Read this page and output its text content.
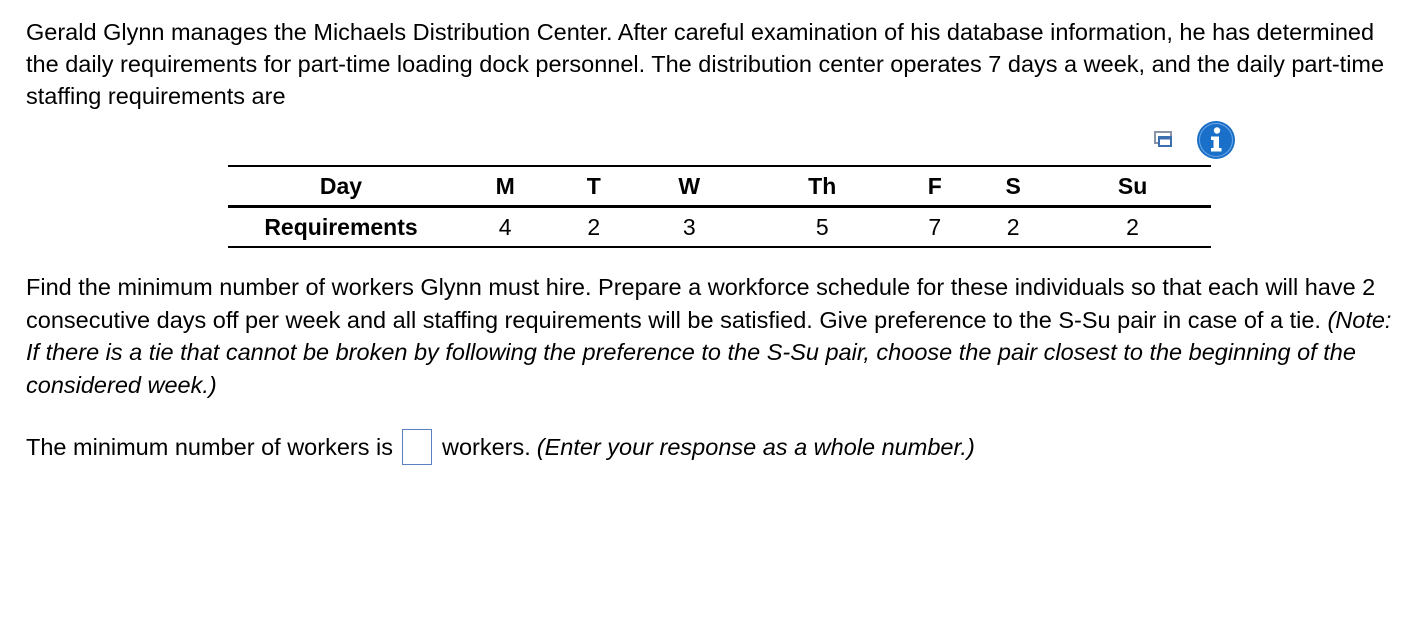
Gerald Glynn manages the Michaels Distribution Center. After careful examination of his database information, he has determined the daily requirements for part-time loading dock personnel. The distribution center operates 7 days a week, and the daily part-time staffing requirements are

Day	M	T	W	Th	F	S	Su
Requirements	4	2	3	5	7	2	2

Find the minimum number of workers Glynn must hire. Prepare a workforce schedule for these individuals so that each will have 2 consecutive days off per week and all staffing requirements will be satisfied. Give preference to the S-Su pair in case of a tie. (Note: If there is a tie that cannot be broken by following the preference to the S-Su pair, choose the pair closest to the beginning of the considered week.)

The minimum number of workers is workers. (Enter your response as a whole number.)
